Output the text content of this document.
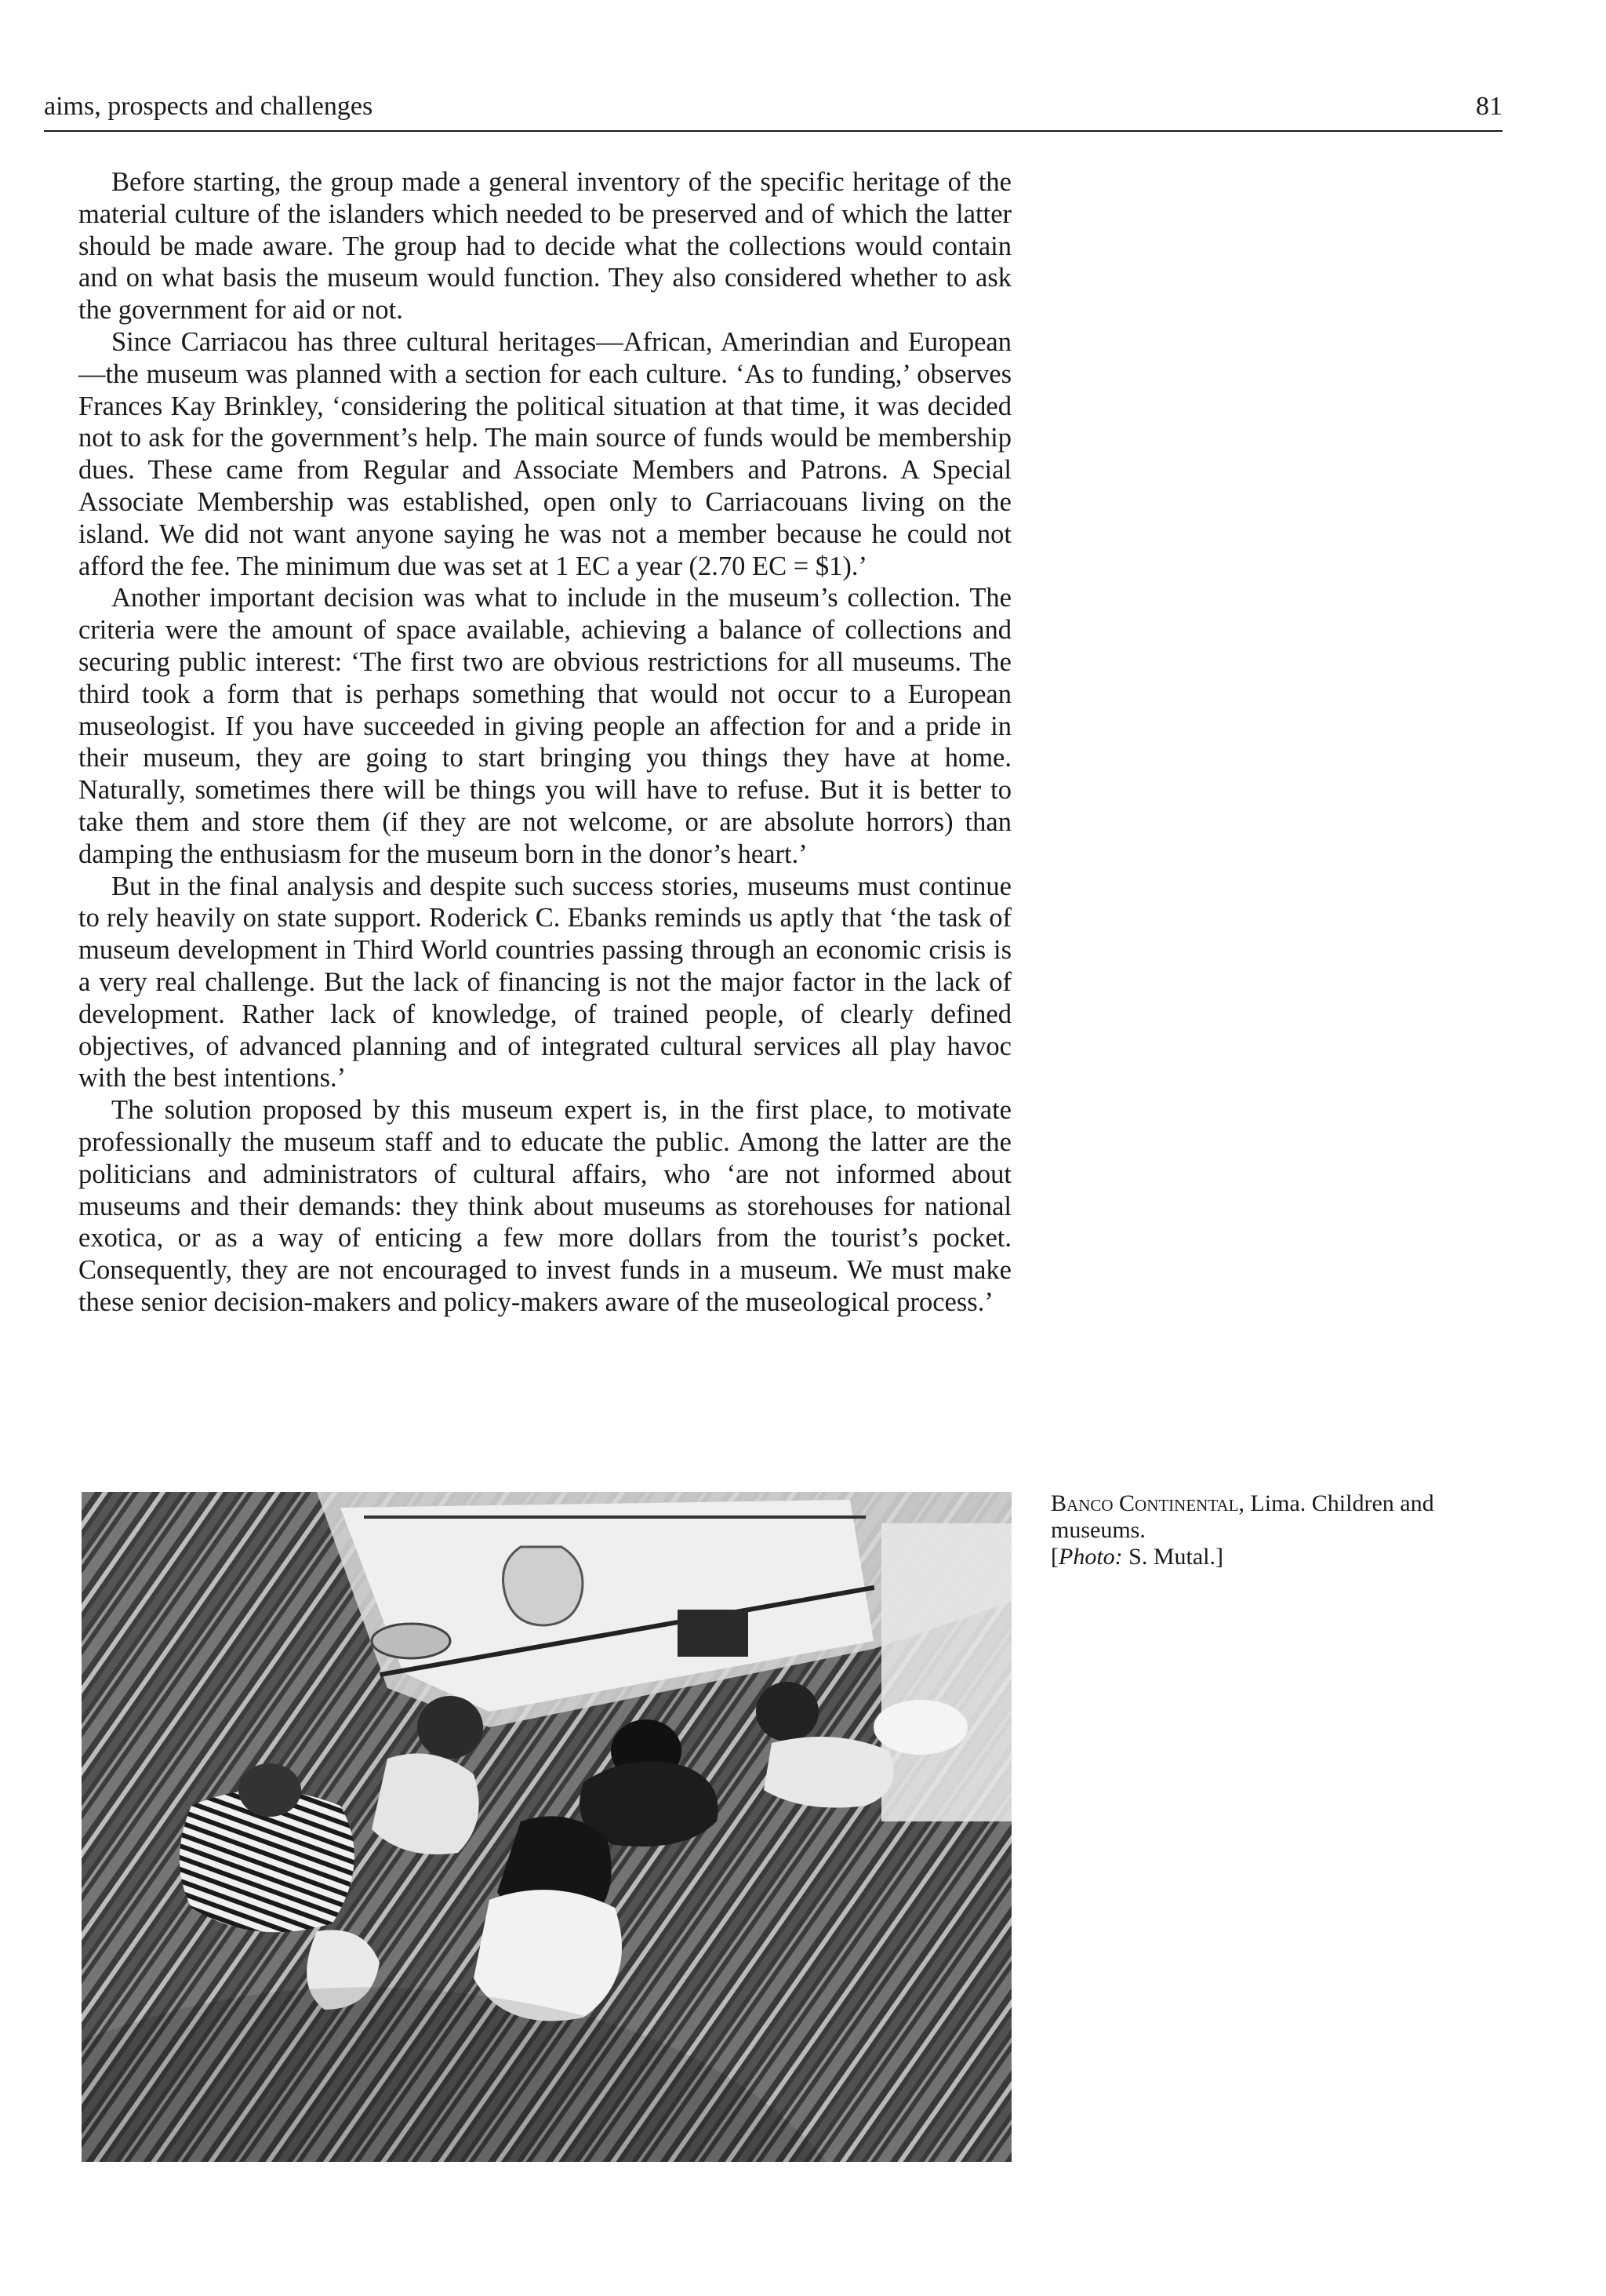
aims, prospects and challenges	81

Before starting, the group made a general inventory of the specific heritage of the material culture of the islanders which needed to be preserved and of which the latter should be made aware. The group had to decide what the collections would contain and on what basis the museum would function. They also considered whether to ask the government for aid or not.

Since Carriacou has three cultural heritages—African, Amerindian and European—the museum was planned with a section for each culture. ‘As to funding,’ observes Frances Kay Brinkley, ‘considering the political situation at that time, it was decided not to ask for the government’s help. The main source of funds would be membership dues. These came from Regular and Associate Members and Patrons. A Special Associate Membership was established, open only to Carriacouans living on the island. We did not want anyone saying he was not a member because he could not afford the fee. The minimum due was set at 1 EC a year (2.70 EC = $1).’

Another important decision was what to include in the museum’s collection. The criteria were the amount of space available, achieving a balance of collections and securing public interest: ‘The first two are obvious restrictions for all museums. The third took a form that is perhaps something that would not occur to a European museologist. If you have succeeded in giving people an affection for and a pride in their museum, they are going to start bringing you things they have at home. Naturally, sometimes there will be things you will have to refuse. But it is better to take them and store them (if they are not welcome, or are absolute horrors) than damping the enthusiasm for the museum born in the donor’s heart.’

But in the final analysis and despite such success stories, museums must continue to rely heavily on state support. Roderick C. Ebanks reminds us aptly that ‘the task of museum development in Third World countries passing through an economic crisis is a very real challenge. But the lack of financing is not the major factor in the lack of development. Rather lack of knowledge, of trained people, of clearly defined objectives, of advanced planning and of integrated cultural services all play havoc with the best intentions.’

The solution proposed by this museum expert is, in the first place, to motivate professionally the museum staff and to educate the public. Among the latter are the politicians and administrators of cultural affairs, who ‘are not informed about museums and their demands: they think about museums as storehouses for national exotica, or as a way of enticing a few more dollars from the tourist’s pocket. Consequently, they are not encouraged to invest funds in a museum. We must make these senior decision-makers and policy-makers aware of the museological process.’

Banco Continental, Lima. Children and museums.
[Photo: S. Mutal.]
